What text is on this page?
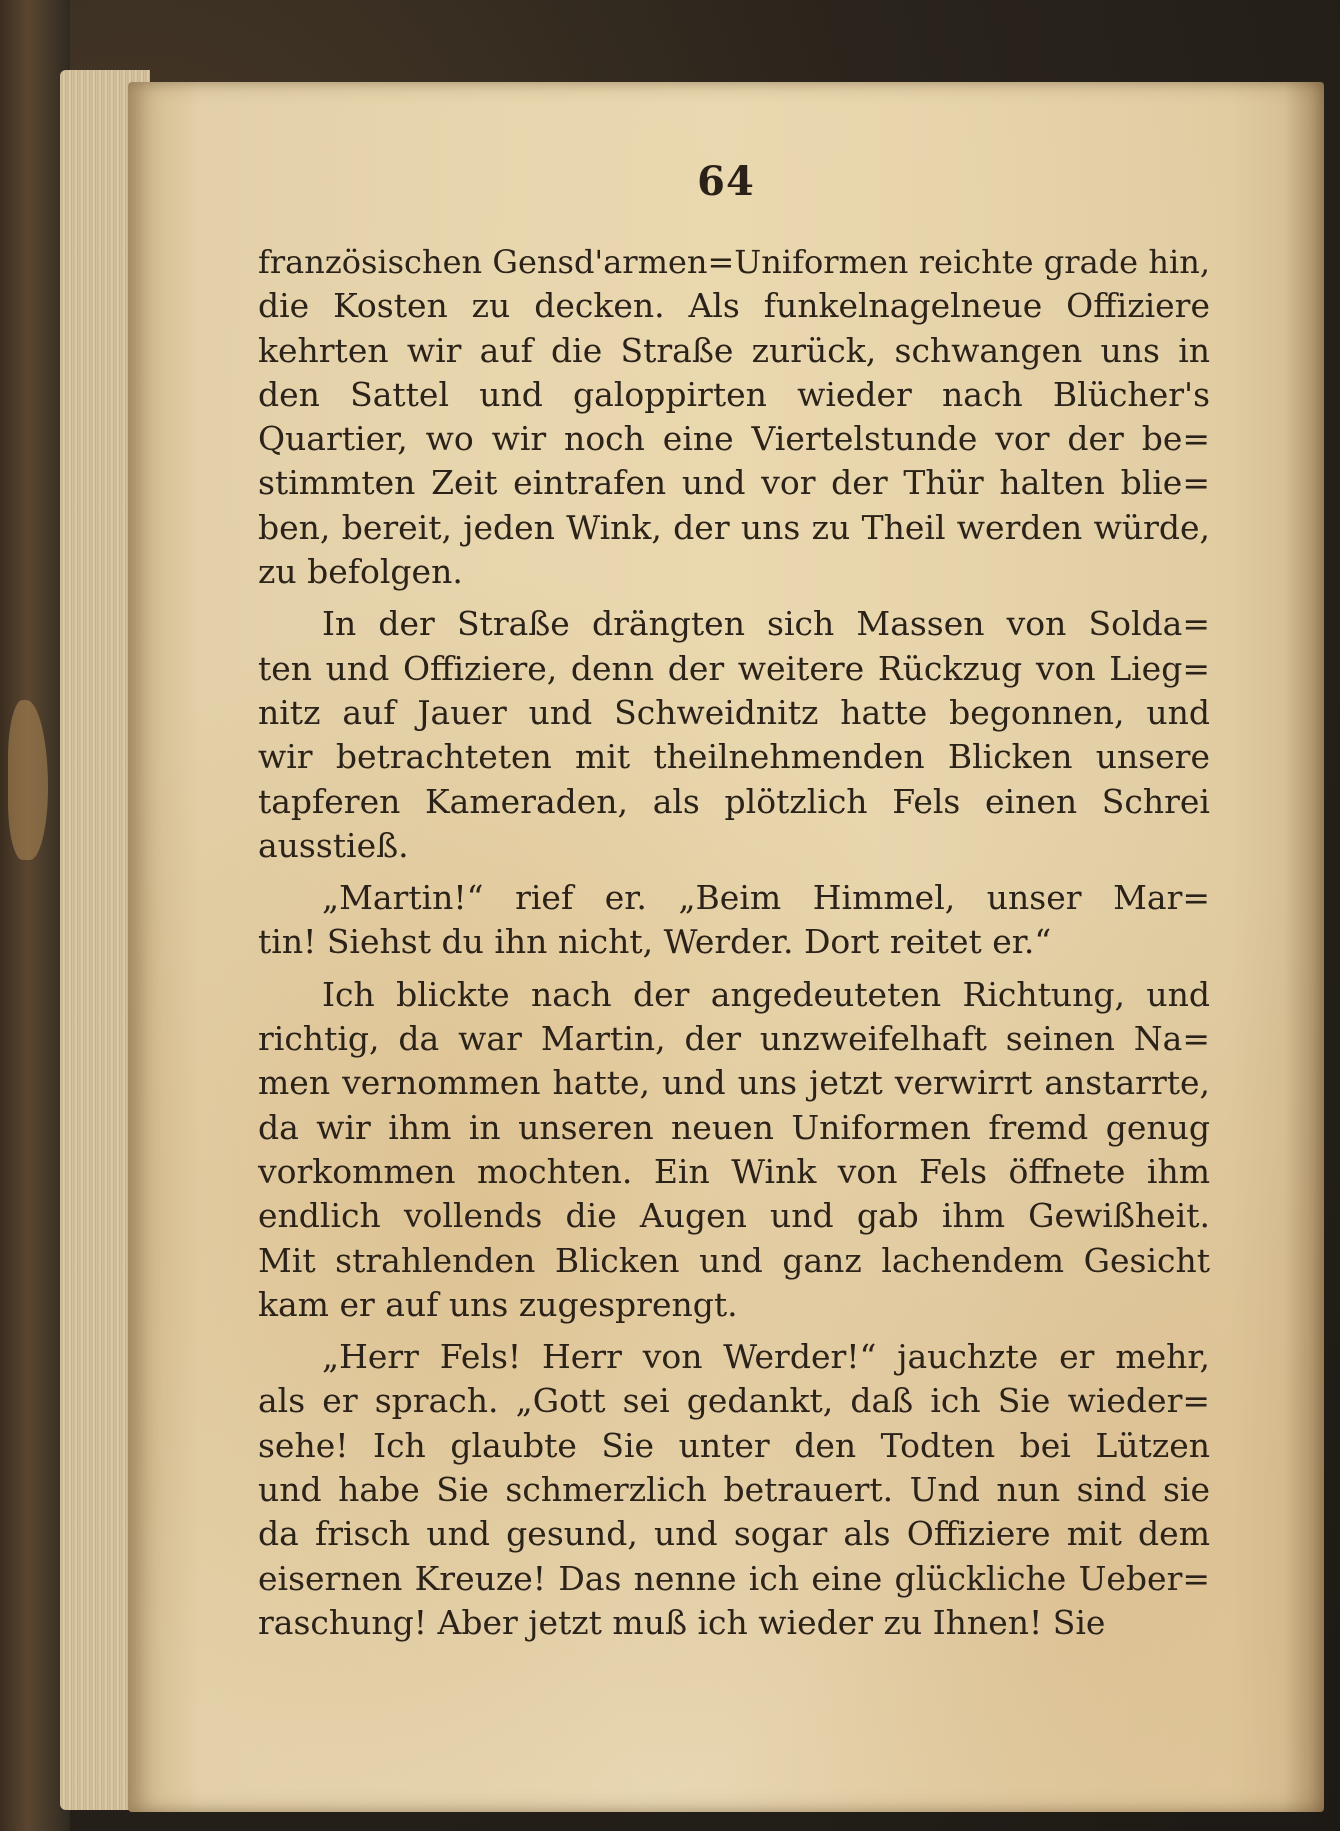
64
französischen Gensd'armen=Uniformen reichte grade hin,
die Kosten zu decken. Als funkelnagelneue Offiziere
kehrten wir auf die Straße zurück, schwangen uns in
den Sattel und galoppirten wieder nach Blücher's
Quartier, wo wir noch eine Viertelstunde vor der be=
stimmten Zeit eintrafen und vor der Thür halten blie=
ben, bereit, jeden Wink, der uns zu Theil werden würde,
zu befolgen.
In der Straße drängten sich Massen von Solda=
ten und Offiziere, denn der weitere Rückzug von Lieg=
nitz auf Jauer und Schweidnitz hatte begonnen, und
wir betrachteten mit theilnehmenden Blicken unsere
tapferen Kameraden, als plötzlich Fels einen Schrei
ausstieß.
„Martin!“ rief er. „Beim Himmel, unser Mar=
tin! Siehst du ihn nicht, Werder. Dort reitet er.“
Ich blickte nach der angedeuteten Richtung, und
richtig, da war Martin, der unzweifelhaft seinen Na=
men vernommen hatte, und uns jetzt verwirrt anstarrte,
da wir ihm in unseren neuen Uniformen fremd genug
vorkommen mochten. Ein Wink von Fels öffnete ihm
endlich vollends die Augen und gab ihm Gewißheit.
Mit strahlenden Blicken und ganz lachendem Gesicht
kam er auf uns zugesprengt.
„Herr Fels! Herr von Werder!“ jauchzte er mehr,
als er sprach. „Gott sei gedankt, daß ich Sie wieder=
sehe! Ich glaubte Sie unter den Todten bei Lützen
und habe Sie schmerzlich betrauert. Und nun sind sie
da frisch und gesund, und sogar als Offiziere mit dem
eisernen Kreuze! Das nenne ich eine glückliche Ueber=
raschung! Aber jetzt muß ich wieder zu Ihnen! Sie
